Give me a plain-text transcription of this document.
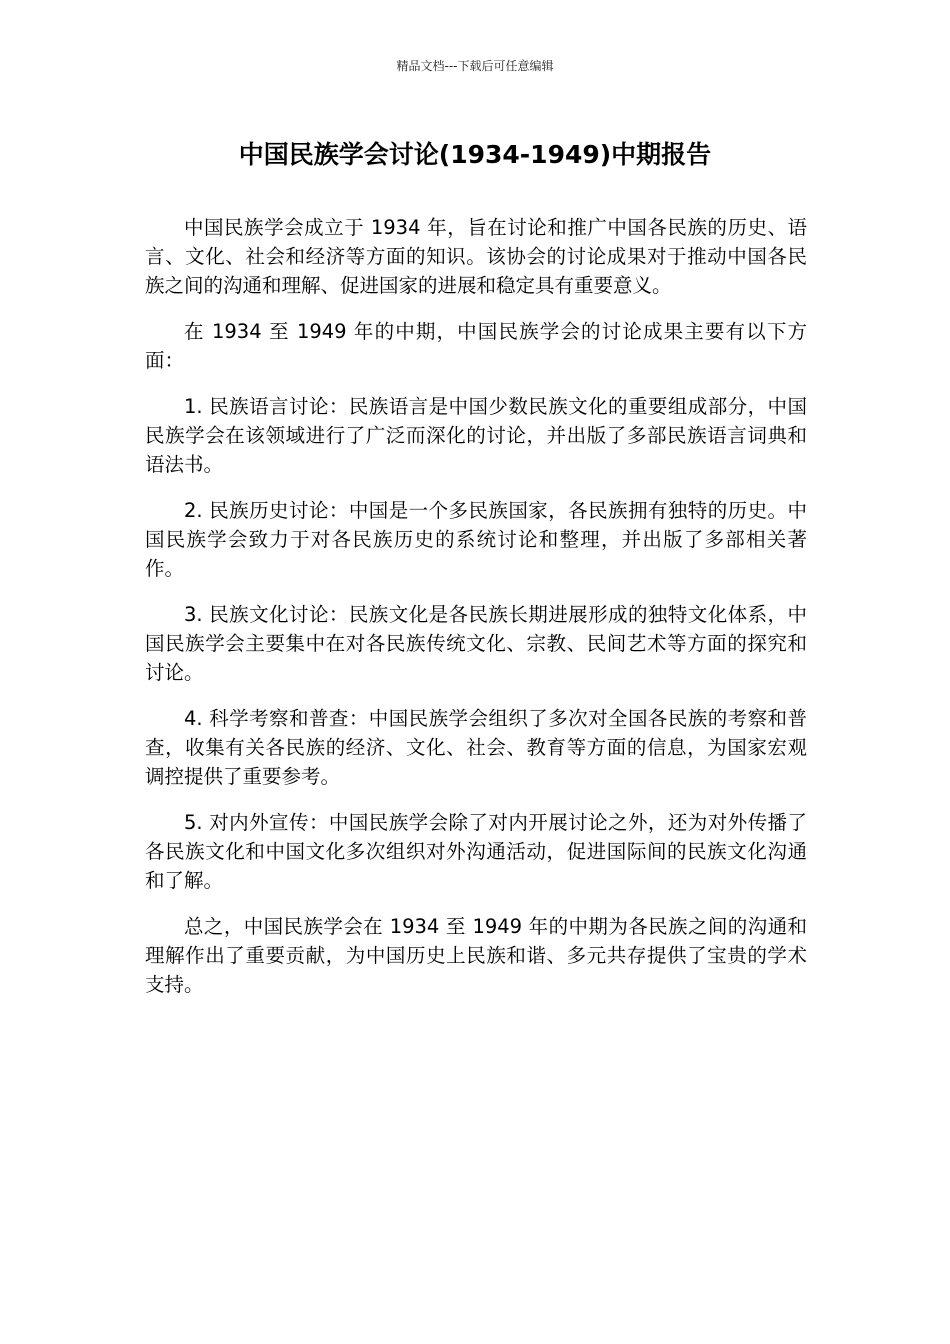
精品文档---下载后可任意编辑
中国民族学会讨论(1934-1949)中期报告

中国民族学会成立于 1934 年，旨在讨论和推广中国各民族的历史、语言、文化、社会和经济等方面的知识。该协会的讨论成果对于推动中国各民族之间的沟通和理解、促进国家的进展和稳定具有重要意义。

在 1934 至 1949 年的中期，中国民族学会的讨论成果主要有以下方面：

1. 民族语言讨论：民族语言是中国少数民族文化的重要组成部分，中国民族学会在该领域进行了广泛而深化的讨论，并出版了多部民族语言词典和语法书。

2. 民族历史讨论：中国是一个多民族国家，各民族拥有独特的历史。中国民族学会致力于对各民族历史的系统讨论和整理，并出版了多部相关著作。

3. 民族文化讨论：民族文化是各民族长期进展形成的独特文化体系，中国民族学会主要集中在对各民族传统文化、宗教、民间艺术等方面的探究和讨论。

4. 科学考察和普查：中国民族学会组织了多次对全国各民族的考察和普查，收集有关各民族的经济、文化、社会、教育等方面的信息，为国家宏观调控提供了重要参考。

5. 对内外宣传：中国民族学会除了对内开展讨论之外，还为对外传播了各民族文化和中国文化多次组织对外沟通活动，促进国际间的民族文化沟通和了解。

总之，中国民族学会在 1934 至 1949 年的中期为各民族之间的沟通和理解作出了重要贡献，为中国历史上民族和谐、多元共存提供了宝贵的学术支持。
